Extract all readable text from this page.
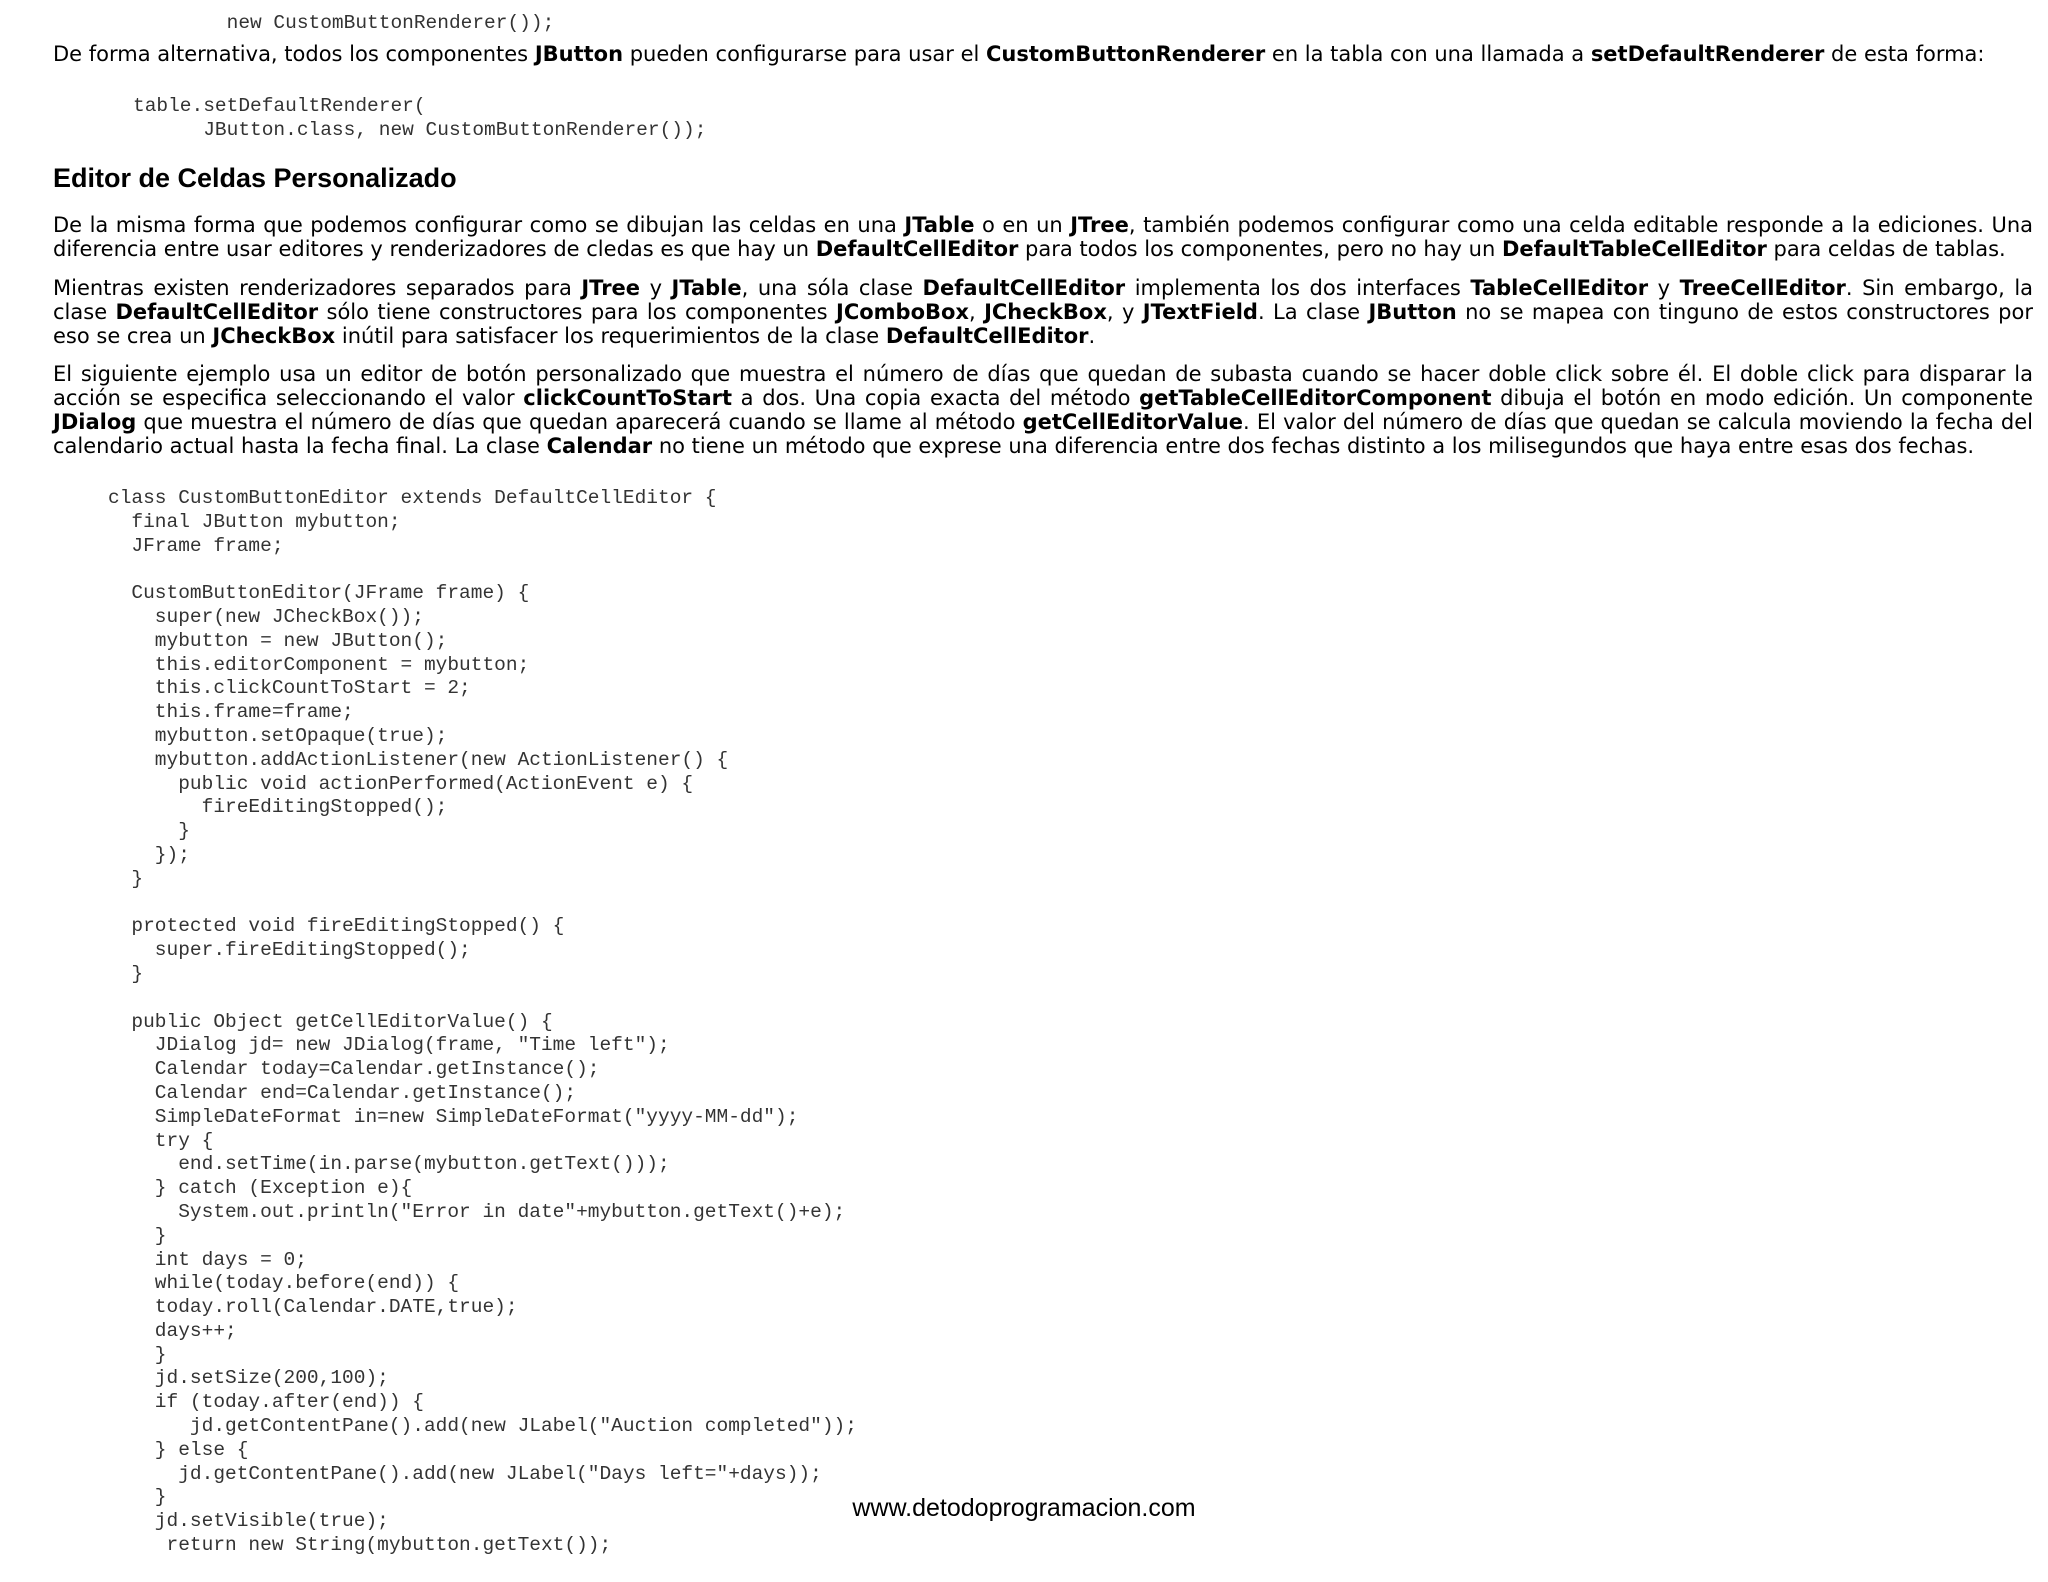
new CustomButtonRenderer());

De forma alternativa, todos los componentes JButton pueden configurarse para usar el CustomButtonRenderer en la tabla con una llamada a setDefaultRenderer de esta forma:

table.setDefaultRenderer(
JButton.class, new CustomButtonRenderer());
Editor de Celdas Personalizado

De la misma forma que podemos configurar como se dibujan las celdas en una JTable o en un JTree, también podemos configurar como una celda editable responde a la ediciones. Una diferencia entre usar editores y renderizadores de cledas es que hay un DefaultCellEditor para todos los componentes, pero no hay un DefaultTableCellEditor para celdas de tablas.

Mientras existen renderizadores separados para JTree y JTable, una sóla clase DefaultCellEditor implementa los dos interfaces TableCellEditor y TreeCellEditor. Sin embargo, la clase DefaultCellEditor sólo tiene constructores para los componentes JComboBox, JCheckBox, y JTextField. La clase JButton no se mapea con tinguno de estos constructores por eso se crea un JCheckBox inútil para satisfacer los requerimientos de la clase DefaultCellEditor.

El siguiente ejemplo usa un editor de botón personalizado que muestra el número de días que quedan de subasta cuando se hacer doble click sobre él. El doble click para disparar la acción se especifica seleccionando el valor clickCountToStart a dos. Una copia exacta del método getTableCellEditorComponent dibuja el botón en modo edición. Un componente JDialog que muestra el número de días que quedan aparecerá cuando se llame al método getCellEditorValue. El valor del número de días que quedan se calcula moviendo la fecha del calendario actual hasta la fecha final. La clase Calendar no tiene un método que exprese una diferencia entre dos fechas distinto a los milisegundos que haya entre esas dos fechas.

class CustomButtonEditor extends DefaultCellEditor {
final JButton mybutton;
JFrame frame;

CustomButtonEditor(JFrame frame) {
super(new JCheckBox());
mybutton = new JButton();
this.editorComponent = mybutton;
this.clickCountToStart = 2;
this.frame=frame;
mybutton.setOpaque(true);
mybutton.addActionListener(new ActionListener() {
public void actionPerformed(ActionEvent e) {
fireEditingStopped();
}
});
}

protected void fireEditingStopped() {
super.fireEditingStopped();
}

public Object getCellEditorValue() {
JDialog jd= new JDialog(frame, "Time left");
Calendar today=Calendar.getInstance();
Calendar end=Calendar.getInstance();
SimpleDateFormat in=new SimpleDateFormat("yyyy-MM-dd");
try {
end.setTime(in.parse(mybutton.getText()));
} catch (Exception e){
System.out.println("Error in date"+mybutton.getText()+e);
}
int days = 0;
while(today.before(end)) {
today.roll(Calendar.DATE,true);
days++;
}
jd.setSize(200,100);
if (today.after(end)) {
jd.getContentPane().add(new JLabel("Auction completed"));
} else {
jd.getContentPane().add(new JLabel("Days left="+days));
}
jd.setVisible(true);
return new String(mybutton.getText());
www.detodoprogramacion.com
